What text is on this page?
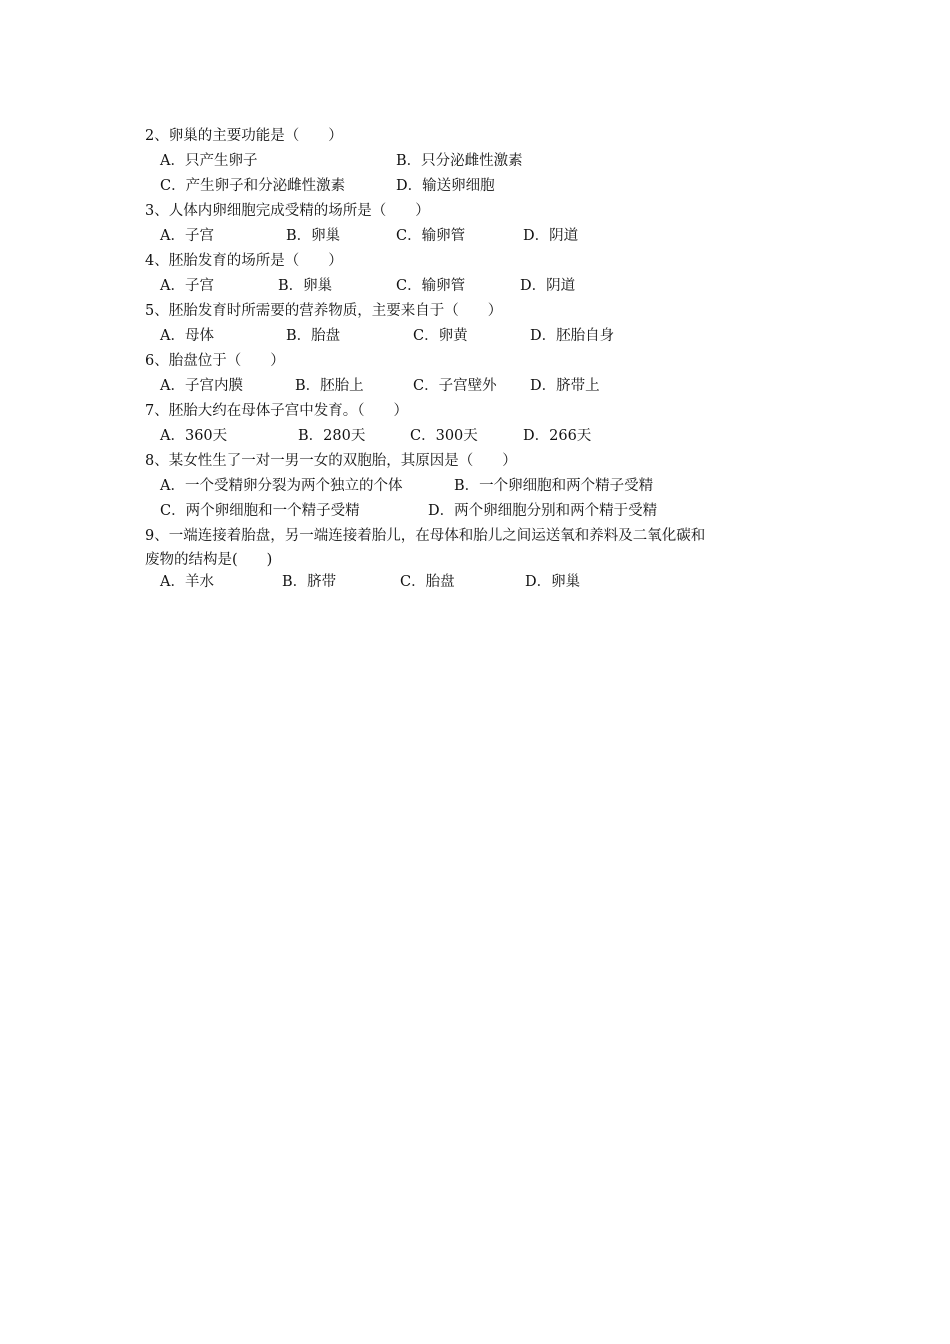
2、卵巢的主要功能是（　　）
A．只产生卵子	B．只分泌雌性激素
C．产生卵子和分泌雌性激素	D．输送卵细胞
3、人体内卵细胞完成受精的场所是（　　）
A．子宫	B．卵巢	C．输卵管	D．阴道
4、胚胎发育的场所是（　　）
A．子宫	B．卵巢	C．输卵管	D．阴道
5、胚胎发育时所需要的营养物质，主要来自于（　　）
A．母体	B．胎盘	C．卵黄	D．胚胎自身
6、胎盘位于（　　）
A．子宫内膜	B．胚胎上	C．子宫壁外 D．脐带上
7、胚胎大约在母体子宫中发育。（　　）
A．360天	B．280天	C．300天	D．266天
8、某女性生了一对一男一女的双胞胎，其原因是（　　）
A．一个受精卵分裂为两个独立的个体	B．一个卵细胞和两个精子受精
C．两个卵细胞和一个精子受精	D．两个卵细胞分别和两个精于受精
9、一端连接着胎盘，另一端连接着胎儿，在母体和胎儿之间运送氧和养料及二氧化碳和
废物的结构是(　　)
A．羊水	B．脐带	C．胎盘	D．卵巢
